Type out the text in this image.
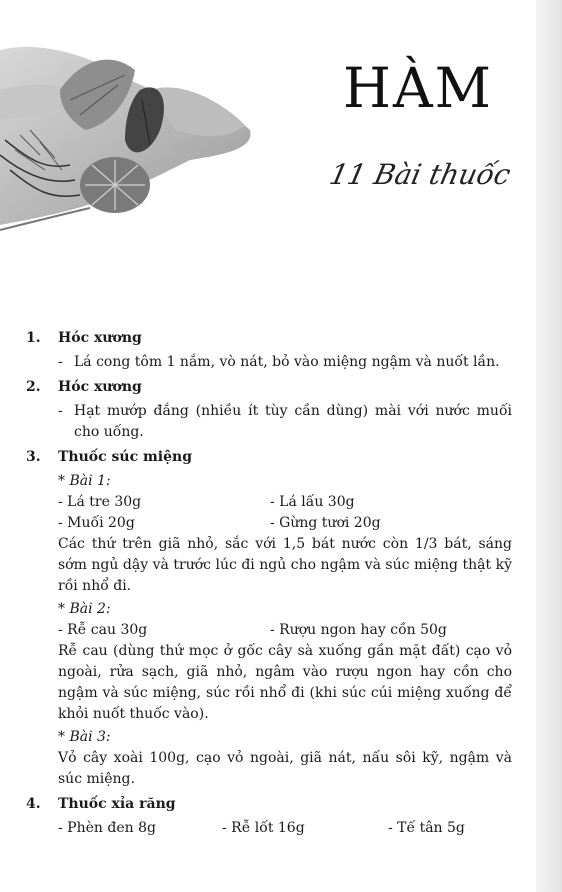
HÀM
11 Bài thuốc
1.	Hóc xương
- Lá cong tôm 1 nắm, vò nát, bỏ vào miệng ngậm và nuốt lần.
2.	Hóc xương
- Hạt mướp đắng (nhiều ít tùy cần dùng) mài với nước muối cho uống.
3.	Thuốc súc miệng
* Bài 1:
- Lá tre 30g	- Lá lấu 30g
- Muối 20g	- Gừng tươi 20g
Các thứ trên giã nhỏ, sắc với 1,5 bát nước còn 1/3 bát, sáng sớm ngủ dậy và trước lúc đi ngủ cho ngậm và súc miệng thật kỹ rồi nhổ đi.
* Bài 2:
- Rễ cau 30g	- Rượu ngon hay cồn 50g
Rễ cau (dùng thứ mọc ở gốc cây sà xuống gần mặt đất) cạo vỏ ngoài, rửa sạch, giã nhỏ, ngâm vào rượu ngon hay cồn cho ngậm và súc miệng, súc rồi nhổ đi (khi súc cúi miệng xuống để khỏi nuốt thuốc vào).
* Bài 3:
Vỏ cây xoài 100g, cạo vỏ ngoài, giã nát, nấu sôi kỹ, ngậm và súc miệng.
4.	Thuốc xỉa răng
- Phèn đen 8g	- Rễ lốt 16g	- Tế tân 5g
